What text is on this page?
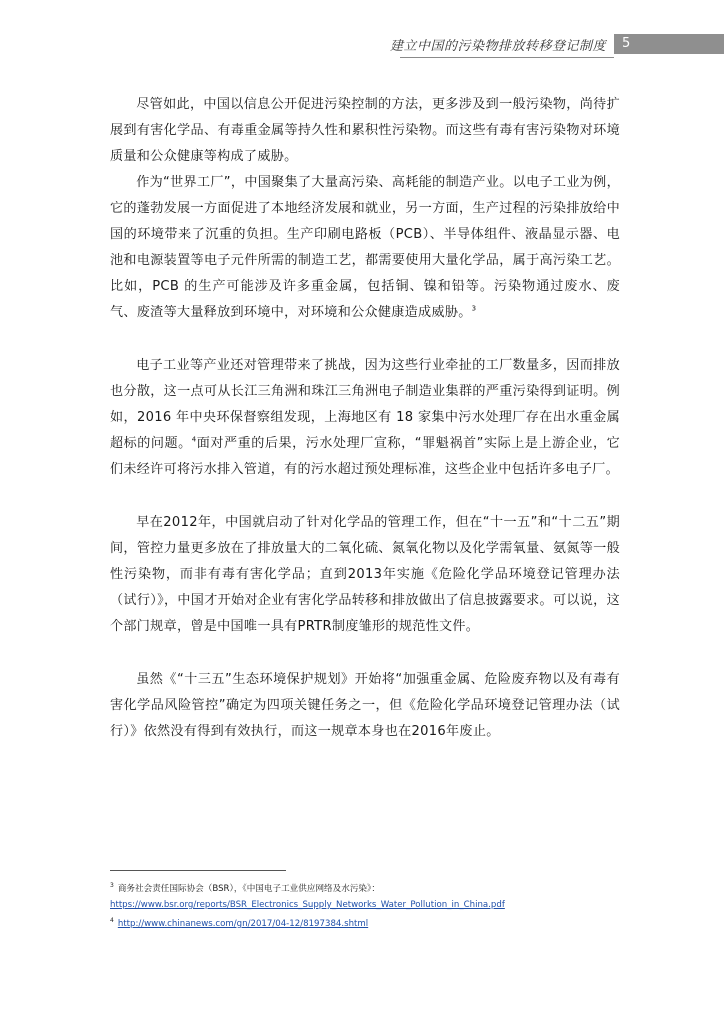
建立中国的污染物排放转移登记制度 5

尽管如此，中国以信息公开促进污染控制的方法，更多涉及到一般污染物，尚待扩展到有害化学品、有毒重金属等持久性和累积性污染物。而这些有毒有害污染物对环境质量和公众健康等构成了威胁。

作为“世界工厂”，中国聚集了大量高污染、高耗能的制造产业。以电子工业为例，它的蓬勃发展一方面促进了本地经济发展和就业，另一方面，生产过程的污染排放给中国的环境带来了沉重的负担。生产印刷电路板（PCB）、半导体组件、液晶显示器、电池和电源装置等电子元件所需的制造工艺，都需要使用大量化学品，属于高污染工艺。比如，PCB 的生产可能涉及许多重金属，包括铜、镍和铅等。污染物通过废水、废气、废渣等大量释放到环境中，对环境和公众健康造成威胁。$^3$

电子工业等产业还对管理带来了挑战，因为这些行业牵扯的工厂数量多，因而排放也分散，这一点可从长江三角洲和珠江三角洲电子制造业集群的严重污染得到证明。例如，2016 年中央环保督察组发现，上海地区有 18 家集中污水处理厂存在出水重金属超标的问题。$^4$面对严重的后果，污水处理厂宣称，“罪魁祸首”实际上是上游企业，它们未经许可将污水排入管道，有的污水超过预处理标准，这些企业中包括许多电子厂。

早在2012年，中国就启动了针对化学品的管理工作，但在“十一五”和“十二五”期间，管控力量更多放在了排放量大的二氧化硫、氮氧化物以及化学需氧量、氨氮等一般性污染物，而非有毒有害化学品；直到2013年实施《危险化学品环境登记管理办法（试行）》，中国才开始对企业有害化学品转移和排放做出了信息披露要求。可以说，这个部门规章，曾是中国唯一具有PRTR制度雏形的规范性文件。

虽然《“十三五”生态环境保护规划》开始将“加强重金属、危险废弃物以及有毒有害化学品风险管控”确定为四项关键任务之一，但《危险化学品环境登记管理办法（试行）》依然没有得到有效执行，而这一规章本身也在2016年废止。

$^3$ 商务社会责任国际协会（BSR），《中国电子工业供应网络及水污染》：
https://www.bsr.org/reports/BSR_Electronics_Supply_Networks_Water_Pollution_in_China.pdf
$^4$ http://www.chinanews.com/gn/2017/04-12/8197384.shtml
